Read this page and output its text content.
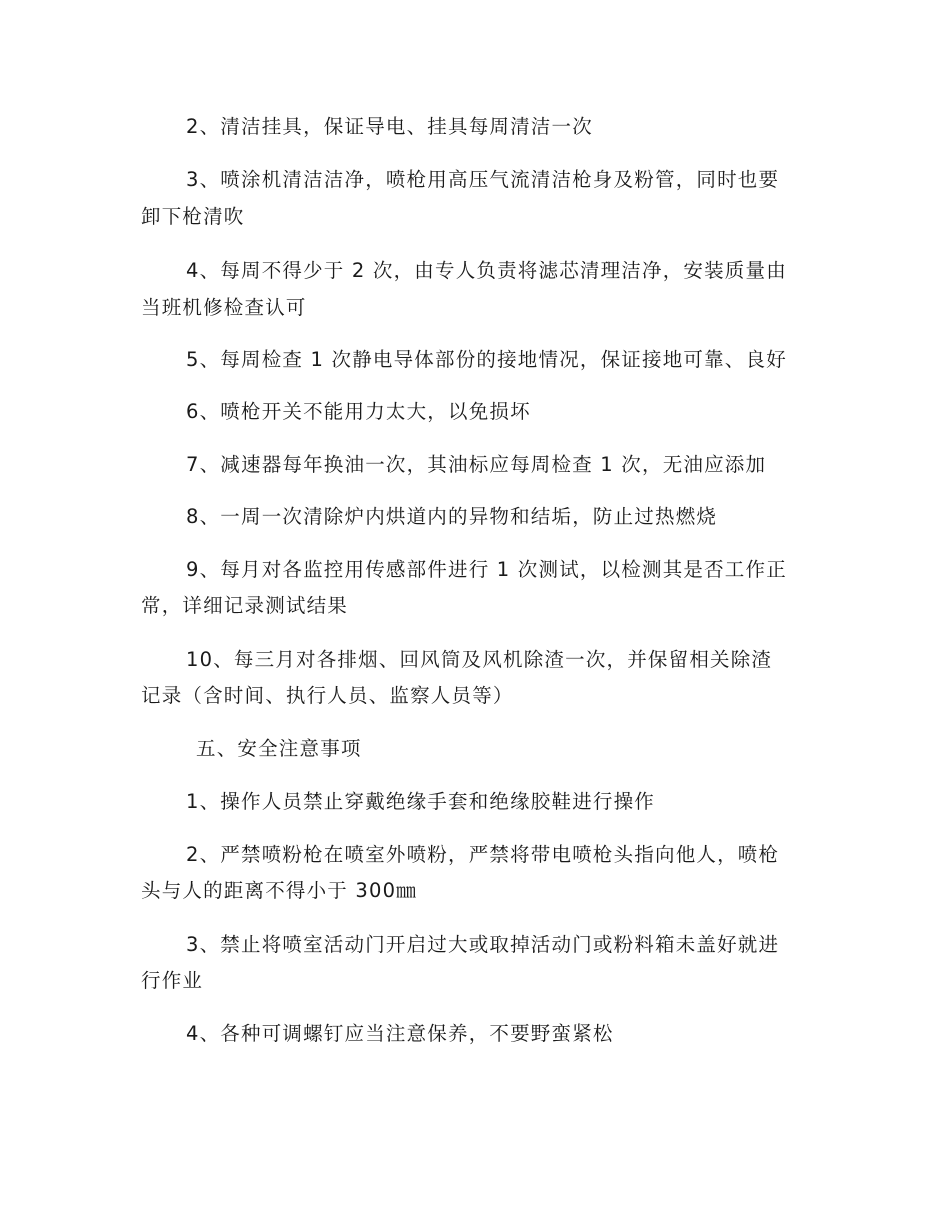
2、清洁挂具，保证导电、挂具每周清洁一次
3、喷涂机清洁洁净，喷枪用高压气流清洁枪身及粉管，同时也要
卸下枪清吹
4、每周不得少于 2 次，由专人负责将滤芯清理洁净，安装质量由
当班机修检查认可
5、每周检查 1 次静电导体部份的接地情况，保证接地可靠、良好
6、喷枪开关不能用力太大，以免损坏
7、减速器每年换油一次，其油标应每周检查 1 次，无油应添加
8、一周一次清除炉内烘道内的异物和结垢，防止过热燃烧
9、每月对各监控用传感部件进行 1 次测试，以检测其是否工作正
常，详细记录测试结果
10、每三月对各排烟、回风筒及风机除渣一次，并保留相关除渣
记录（含时间、执行人员、监察人员等）
五、安全注意事项
1、操作人员禁止穿戴绝缘手套和绝缘胶鞋进行操作
2、严禁喷粉枪在喷室外喷粉，严禁将带电喷枪头指向他人，喷枪
头与人的距离不得小于 300㎜
3、禁止将喷室活动门开启过大或取掉活动门或粉料箱未盖好就进
行作业
4、各种可调螺钉应当注意保养，不要野蛮紧松
